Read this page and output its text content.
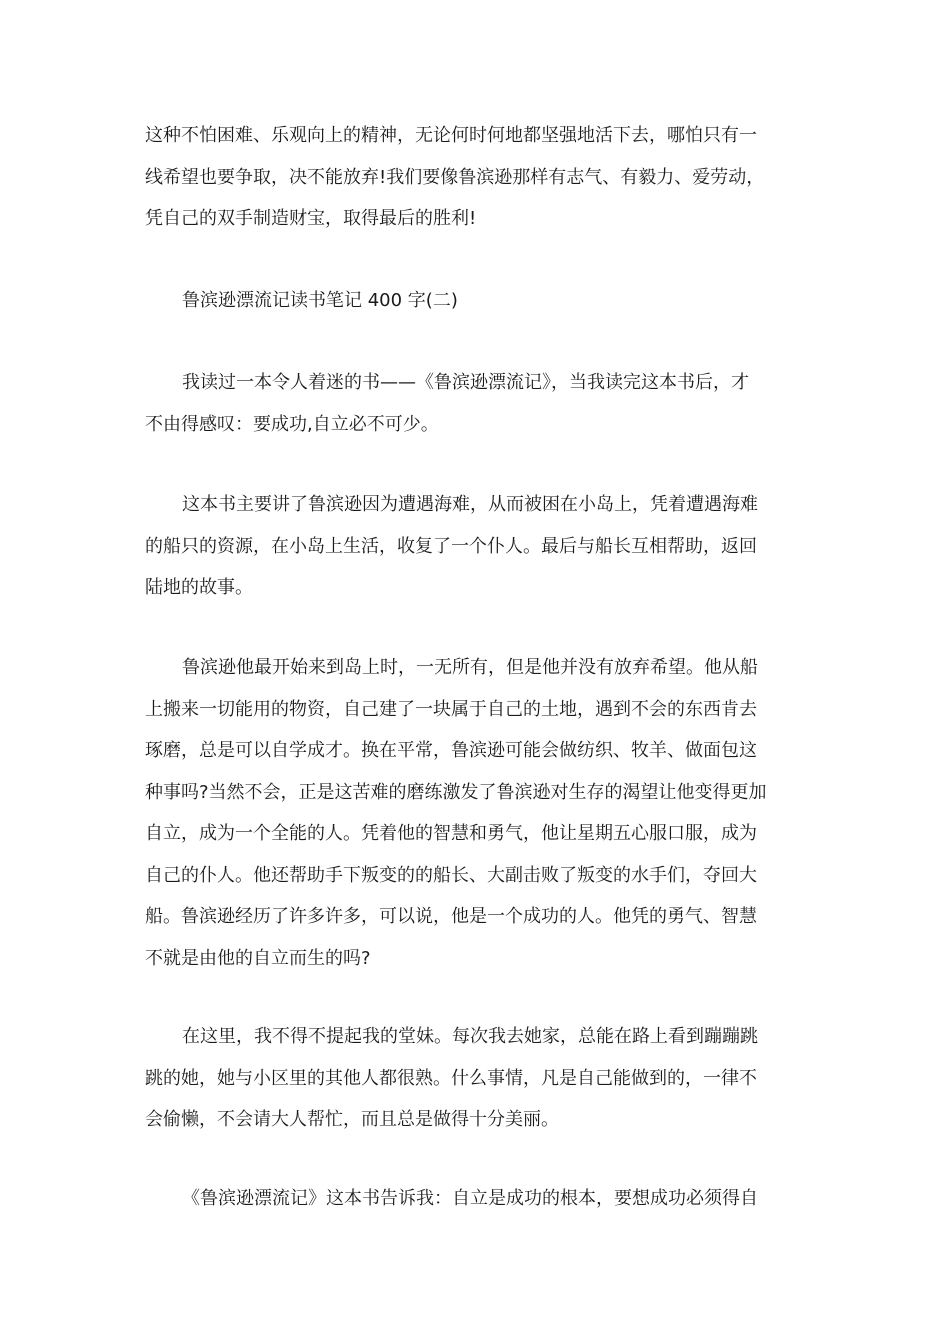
这种不怕困难、乐观向上的精神，无论何时何地都坚强地活下去，哪怕只有一
线希望也要争取，决不能放弃!我们要像鲁滨逊那样有志气、有毅力、爱劳动，
凭自己的双手制造财宝，取得最后的胜利!
鲁滨逊漂流记读书笔记 400 字(二)
我读过一本令人着迷的书——《鲁滨逊漂流记》，当我读完这本书后，才
不由得感叹：要成功,自立必不可少。
这本书主要讲了鲁滨逊因为遭遇海难，从而被困在小岛上，凭着遭遇海难
的船只的资源，在小岛上生活，收复了一个仆人。最后与船长互相帮助，返回
陆地的故事。
鲁滨逊他最开始来到岛上时，一无所有，但是他并没有放弃希望。他从船
上搬来一切能用的物资，自己建了一块属于自己的土地，遇到不会的东西肯去
琢磨，总是可以自学成才。换在平常，鲁滨逊可能会做纺织、牧羊、做面包这
种事吗?当然不会，正是这苦难的磨练激发了鲁滨逊对生存的渴望让他变得更加
自立，成为一个全能的人。凭着他的智慧和勇气，他让星期五心服口服，成为
自己的仆人。他还帮助手下叛变的的船长、大副击败了叛变的水手们，夺回大
船。鲁滨逊经历了许多许多，可以说，他是一个成功的人。他凭的勇气、智慧
不就是由他的自立而生的吗?
在这里，我不得不提起我的堂妹。每次我去她家，总能在路上看到蹦蹦跳
跳的她，她与小区里的其他人都很熟。什么事情，凡是自己能做到的，一律不
会偷懒，不会请大人帮忙，而且总是做得十分美丽。
《鲁滨逊漂流记》这本书告诉我：自立是成功的根本，要想成功必须得自
